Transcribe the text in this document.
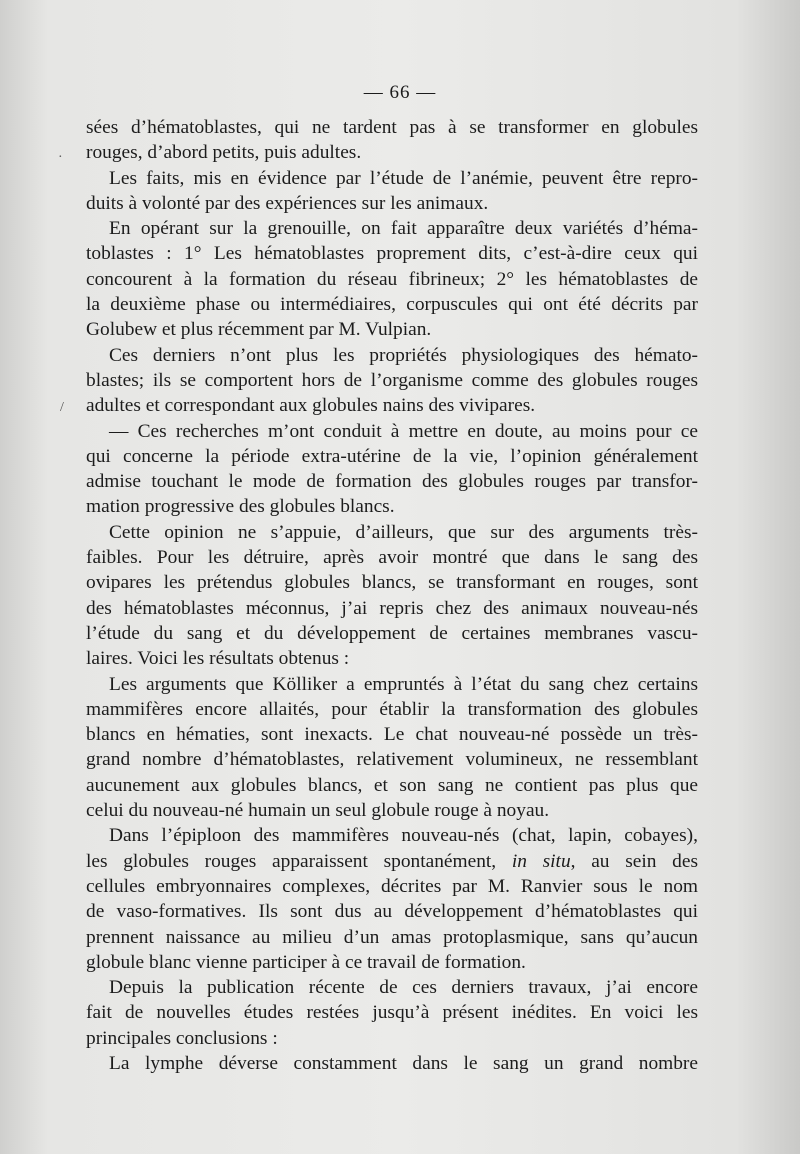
— 66 —
sées d’hématoblastes, qui ne tardent pas à se transformer en globules
rouges, d’abord petits, puis adultes.
Les faits, mis en évidence par l’étude de l’anémie, peuvent être repro-
duits à volonté par des expériences sur les animaux.
En opérant sur la grenouille, on fait apparaître deux variétés d’héma-
toblastes : 1° Les hématoblastes proprement dits, c’est-à-dire ceux qui
concourent à la formation du réseau fibrineux; 2° les hématoblastes de
la deuxième phase ou intermédiaires, corpuscules qui ont été décrits par
Golubew et plus récemment par M. Vulpian.
Ces derniers n’ont plus les propriétés physiologiques des hémato-
blastes; ils se comportent hors de l’organisme comme des globules rouges
adultes et correspondant aux globules nains des vivipares.
— Ces recherches m’ont conduit à mettre en doute, au moins pour ce
qui concerne la période extra-utérine de la vie, l’opinion généralement
admise touchant le mode de formation des globules rouges par transfor-
mation progressive des globules blancs.
Cette opinion ne s’appuie, d’ailleurs, que sur des arguments très-
faibles. Pour les détruire, après avoir montré que dans le sang des
ovipares les prétendus globules blancs, se transformant en rouges, sont
des hématoblastes méconnus, j’ai repris chez des animaux nouveau-nés
l’étude du sang et du développement de certaines membranes vascu-
laires. Voici les résultats obtenus :
Les arguments que Kölliker a empruntés à l’état du sang chez certains
mammifères encore allaités, pour établir la transformation des globules
blancs en hématies, sont inexacts. Le chat nouveau-né possède un très-
grand nombre d’hématoblastes, relativement volumineux, ne ressemblant
aucunement aux globules blancs, et son sang ne contient pas plus que
celui du nouveau-né humain un seul globule rouge à noyau.
Dans l’épiploon des mammifères nouveau-nés (chat, lapin, cobayes),
les globules rouges apparaissent spontanément, in situ, au sein des
cellules embryonnaires complexes, décrites par M. Ranvier sous le nom
de vaso-formatives. Ils sont dus au développement d’hématoblastes qui
prennent naissance au milieu d’un amas protoplasmique, sans qu’aucun
globule blanc vienne participer à ce travail de formation.
Depuis la publication récente de ces derniers travaux, j’ai encore
fait de nouvelles études restées jusqu’à présent inédites. En voici les
principales conclusions :
La lymphe déverse constamment dans le sang un grand nombre
·
/
